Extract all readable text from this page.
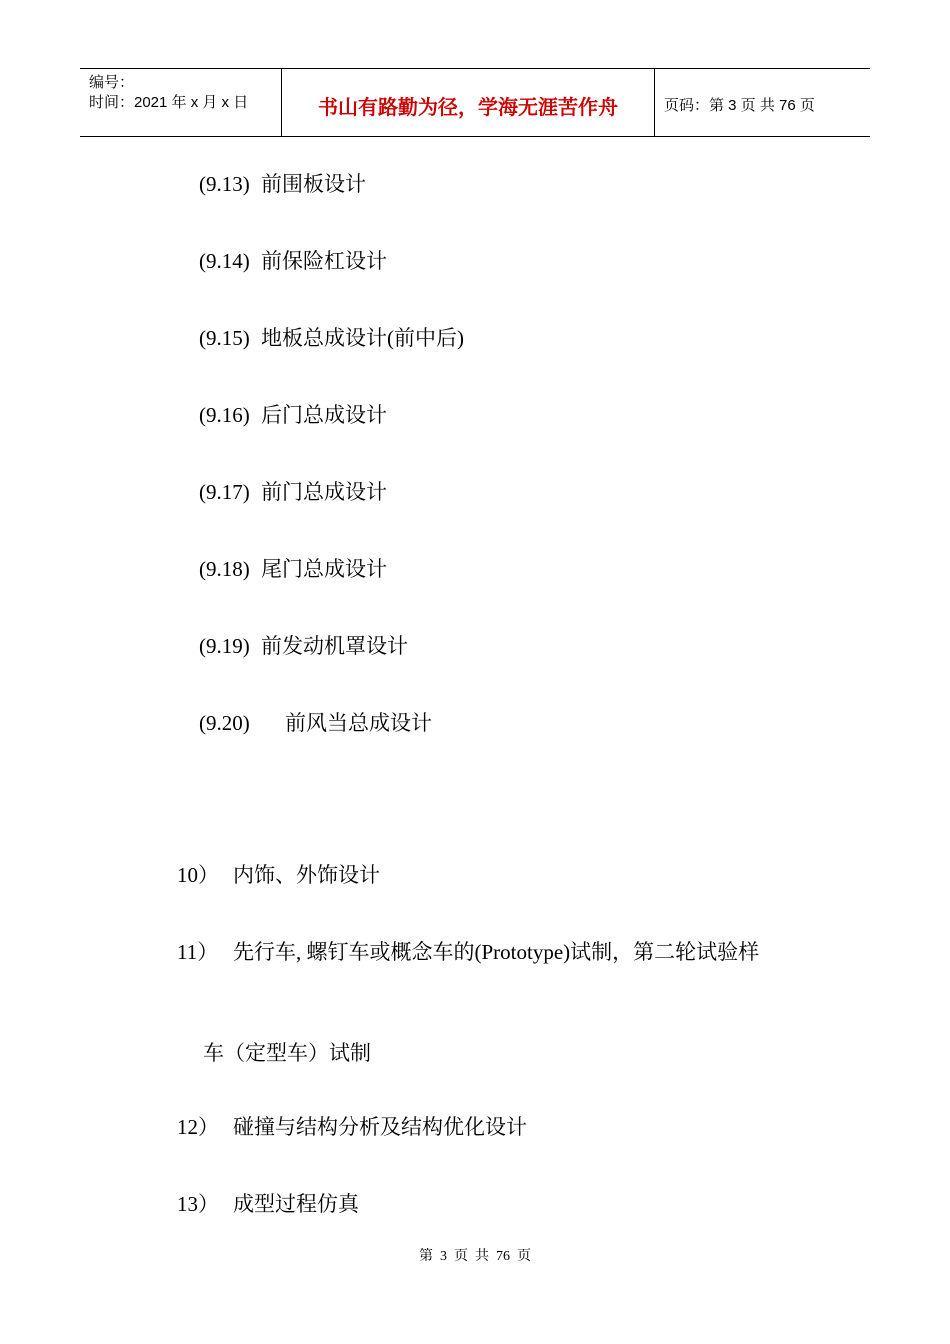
编号：
时间：2021 年 x 月 x 日	书山有路勤为径，学海无涯苦作舟	页码：第 3 页 共 76 页
(9.13) 前围板设计
(9.14) 前保险杠设计
(9.15) 地板总成设计(前中后)
(9.16) 后门总成设计
(9.17) 前门总成设计
(9.18) 尾门总成设计
(9.19) 前发动机罩设计
(9.20) 前风当总成设计
10） 内饰、外饰设计
11） 先行车, 螺钉车或概念车的(Prototype)试制，第二轮试验样
车（定型车）试制
12） 碰撞与结构分析及结构优化设计
13） 成型过程仿真
第  3  页  共  76  页
